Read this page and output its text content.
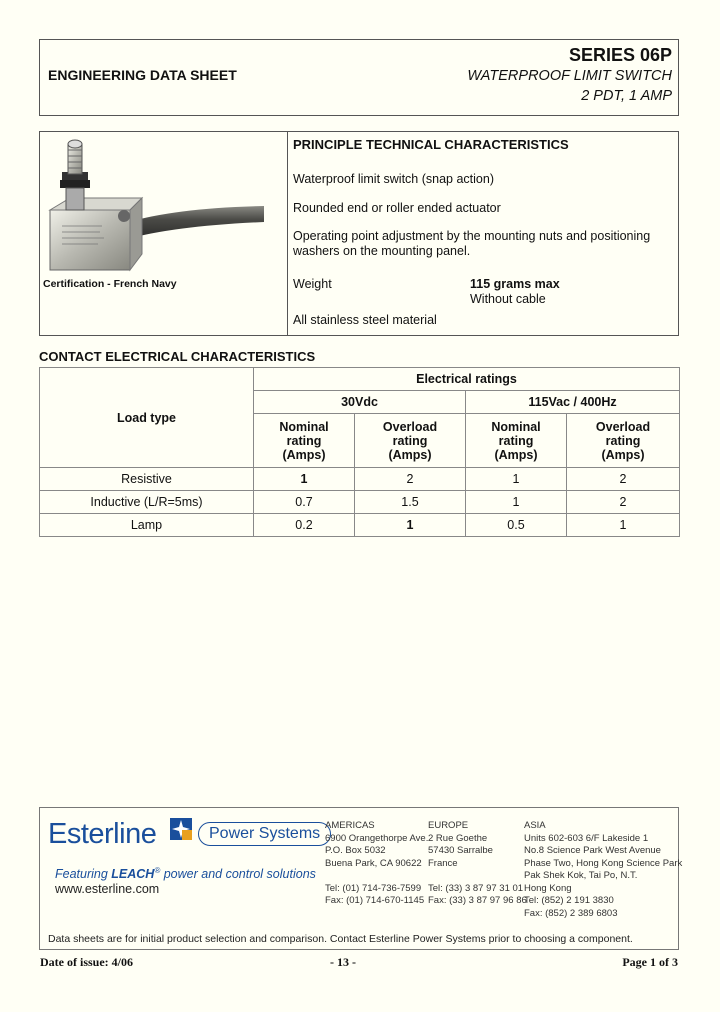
ENGINEERING DATA SHEET
SERIES 06P
WATERPROOF LIMIT SWITCH
2 PDT, 1 AMP
Certification - French Navy
PRINCIPLE TECHNICAL CHARACTERISTICS
Waterproof limit switch (snap action)
Rounded end or roller ended actuator
Operating point adjustment by the mounting nuts and positioning
washers on the mounting panel.
Weight	115 grams max
Without cable
All stainless steel material
CONTACT ELECTRICAL CHARACTERISTICS
Load type	Electrical ratings			
	30Vdc		115Vac / 400Hz	
	Nominal
rating
(Amps)	Overload
rating
(Amps)	Nominal
rating
(Amps)	Overload
rating
(Amps)
Resistive	1	2	1	2
Inductive (L/R=5ms)	0.7	1.5	1	2
Lamp	0.2	1	0.5	1
Esterline	Power Systems
Featuring LEACH® power and control solutions
www.esterline.com
AMERICAS
6900 Orangethorpe Ave.
P.O. Box 5032
Buena Park, CA 90622
Tel: (01) 714-736-7599
Fax: (01) 714-670-1145
EUROPE
2 Rue Goethe
57430 Sarralbe
France
Tel: (33) 3 87 97 31 01
Fax: (33) 3 87 97 96 86
ASIA
Units 602-603 6/F Lakeside 1
No.8 Science Park West Avenue
Phase Two, Hong Kong Science Park
Pak Shek Kok, Tai Po, N.T.
Hong Kong
Tel: (852) 2 191 3830
Fax: (852) 2 389 6803
Data sheets are for initial product selection and comparison. Contact Esterline Power Systems prior to choosing a component.
Date of issue: 4/06	- 13 -	Page 1 of 3
